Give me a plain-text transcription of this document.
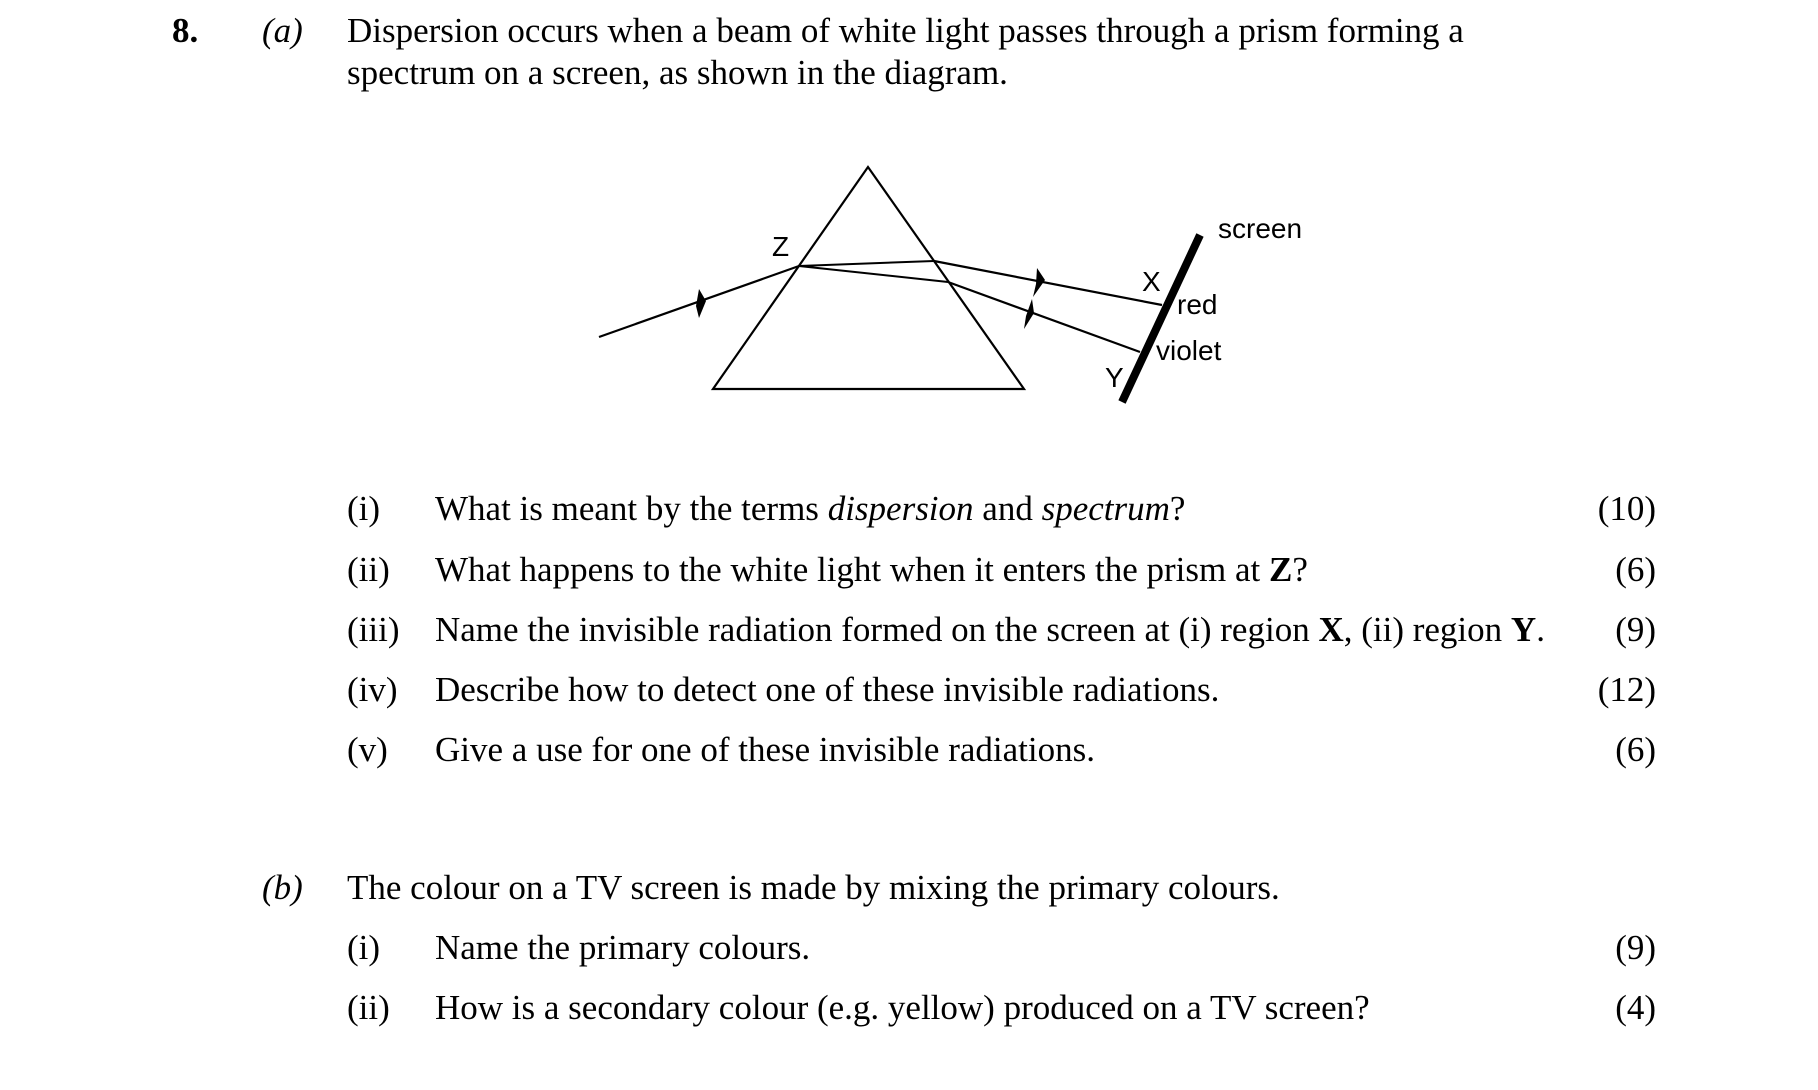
8. (a) Dispersion occurs when a beam of white light passes through a prism forming a
spectrum on a screen, as shown in the diagram.
Z
screen
X
red
violet
Y
(i) What is meant by the terms dispersion and spectrum?	(10)
(ii) What happens to the white light when it enters the prism at Z?	(6)
(iii) Name the invisible radiation formed on the screen at (i) region X, (ii) region Y.	(9)
(iv) Describe how to detect one of these invisible radiations.	(12)
(v) Give a use for one of these invisible radiations.	(6)
(b) The colour on a TV screen is made by mixing the primary colours.
(i) Name the primary colours.	(9)
(ii) How is a secondary colour (e.g. yellow) produced on a TV screen?	(4)
